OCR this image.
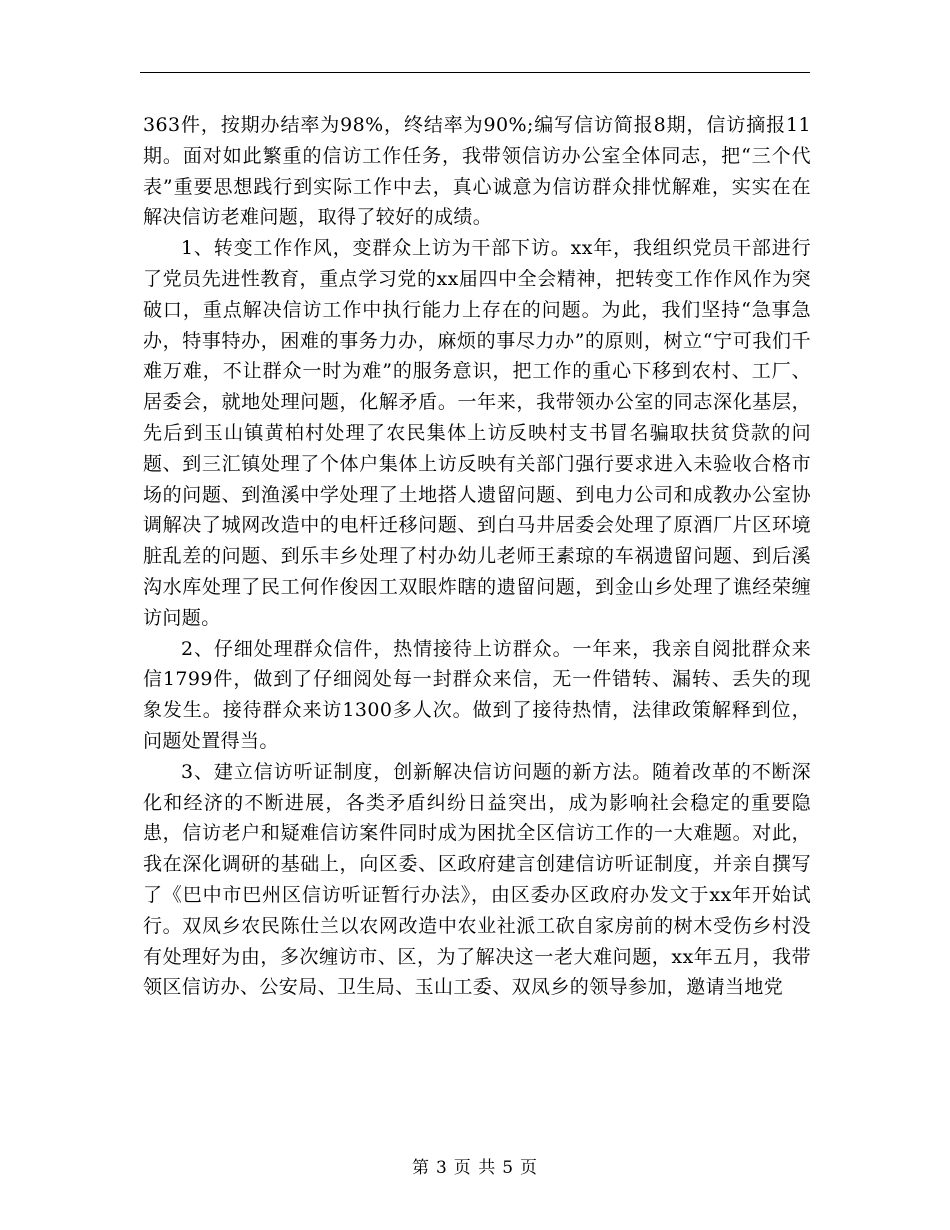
363件，按期办结率为98%，终结率为90%;编写信访简报8期，信访摘报11期。面对如此繁重的信访工作任务，我带领信访办公室全体同志，把“三个代表”重要思想践行到实际工作中去，真心诚意为信访群众排忧解难，实实在在解决信访老难问题，取得了较好的成绩。

1、转变工作作风，变群众上访为干部下访。xx年，我组织党员干部进行了党员先进性教育，重点学习党的xx届四中全会精神，把转变工作作风作为突破口，重点解决信访工作中执行能力上存在的问题。为此，我们坚持“急事急办，特事特办，困难的事务力办，麻烦的事尽力办”的原则，树立“宁可我们千难万难，不让群众一时为难”的服务意识，把工作的重心下移到农村、工厂、居委会，就地处理问题，化解矛盾。一年来，我带领办公室的同志深化基层，先后到玉山镇黄柏村处理了农民集体上访反映村支书冒名骗取扶贫贷款的问题、到三汇镇处理了个体户集体上访反映有关部门强行要求进入未验收合格市场的问题、到渔溪中学处理了土地搭人遗留问题、到电力公司和成教办公室协调解决了城网改造中的电杆迁移问题、到白马井居委会处理了原酒厂片区环境脏乱差的问题、到乐丰乡处理了村办幼儿老师王素琼的车祸遗留问题、到后溪沟水库处理了民工何作俊因工双眼炸瞎的遗留问题，到金山乡处理了谯经荣缠访问题。

2、仔细处理群众信件，热情接待上访群众。一年来，我亲自阅批群众来信1799件，做到了仔细阅处每一封群众来信，无一件错转、漏转、丢失的现象发生。接待群众来访1300多人次。做到了接待热情，法律政策解释到位，问题处置得当。

3、建立信访听证制度，创新解决信访问题的新方法。随着改革的不断深化和经济的不断进展，各类矛盾纠纷日益突出，成为影响社会稳定的重要隐患，信访老户和疑难信访案件同时成为困扰全区信访工作的一大难题。对此，我在深化调研的基础上，向区委、区政府建言创建信访听证制度，并亲自撰写了《巴中市巴州区信访听证暂行办法》，由区委办区政府办发文于xx年开始试行。双凤乡农民陈仕兰以农网改造中农业社派工砍自家房前的树木受伤乡村没有处理好为由，多次缠访市、区，为了解决这一老大难问题，xx年五月，我带领区信访办、公安局、卫生局、玉山工委、双凤乡的领导参加，邀请当地党

第 3 页 共 5 页
